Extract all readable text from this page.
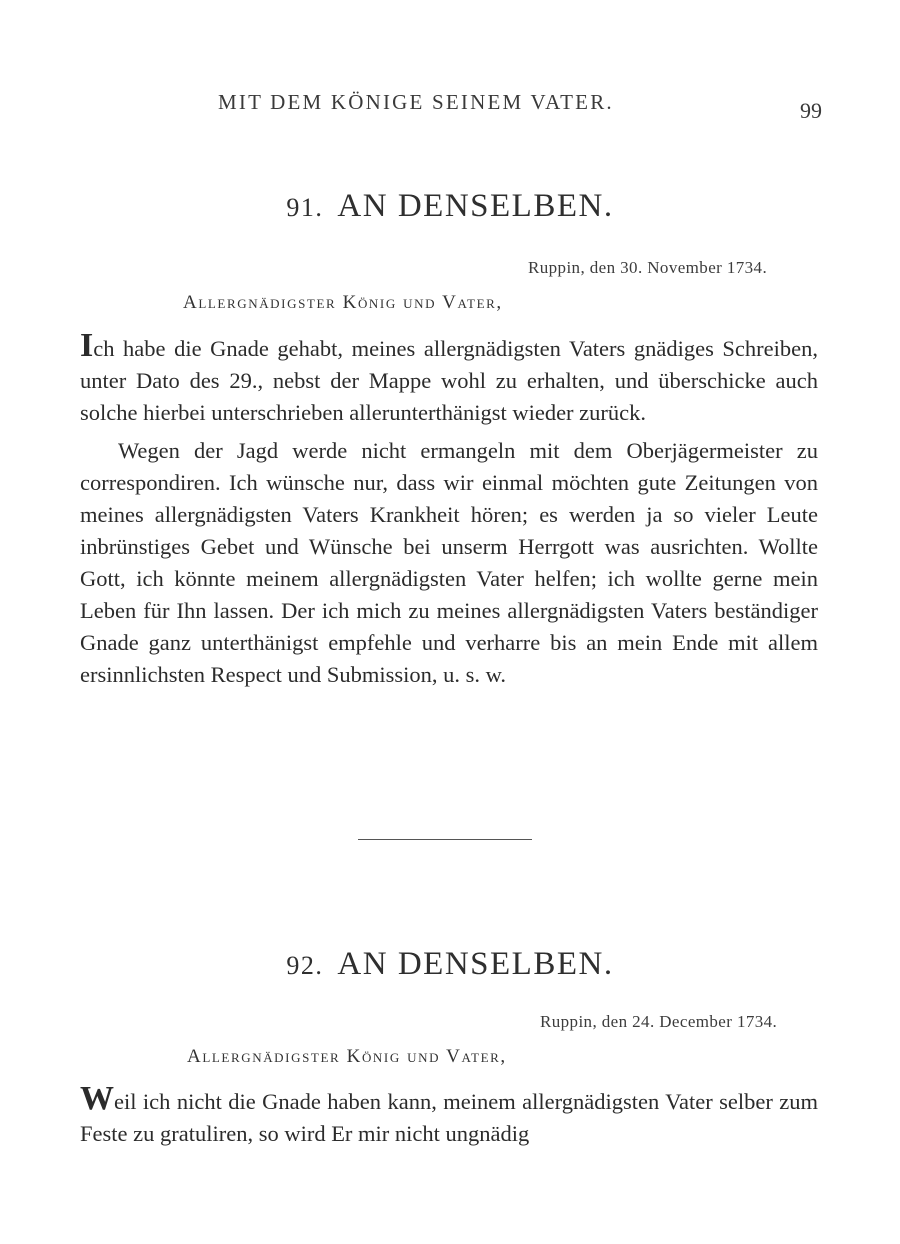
MIT DEM KÖNIGE SEINEM VATER.	99
91. AN DENSELBEN.
Ruppin, den 30. November 1734.
Allergnädigster König und Vater,

Ich habe die Gnade gehabt, meines allergnädigsten Vaters gnädiges Schreiben, unter Dato des 29., nebst der Mappe wohl zu erhalten, und überschicke auch solche hierbei unterschrieben allerunterthänigst wieder zurück.

Wegen der Jagd werde nicht ermangeln mit dem Oberjägermeister zu correspondiren. Ich wünsche nur, dass wir einmal möchten gute Zeitungen von meines allergnädigsten Vaters Krankheit hören; es werden ja so vieler Leute inbrünstiges Gebet und Wünsche bei unserm Herrgott was ausrichten. Wollte Gott, ich könnte meinem allergnädigsten Vater helfen; ich wollte gerne mein Leben für Ihn lassen. Der ich mich zu meines allergnädigsten Vaters beständiger Gnade ganz unterthänigst empfehle und verharre bis an mein Ende mit allem ersinnlichsten Respect und Submission, u. s. w.

92. AN DENSELBEN.
Ruppin, den 24. December 1734.
Allergnädigster König und Vater,

Weil ich nicht die Gnade haben kann, meinem allergnädigsten Vater selber zum Feste zu gratuliren, so wird Er mir nicht ungnädig
